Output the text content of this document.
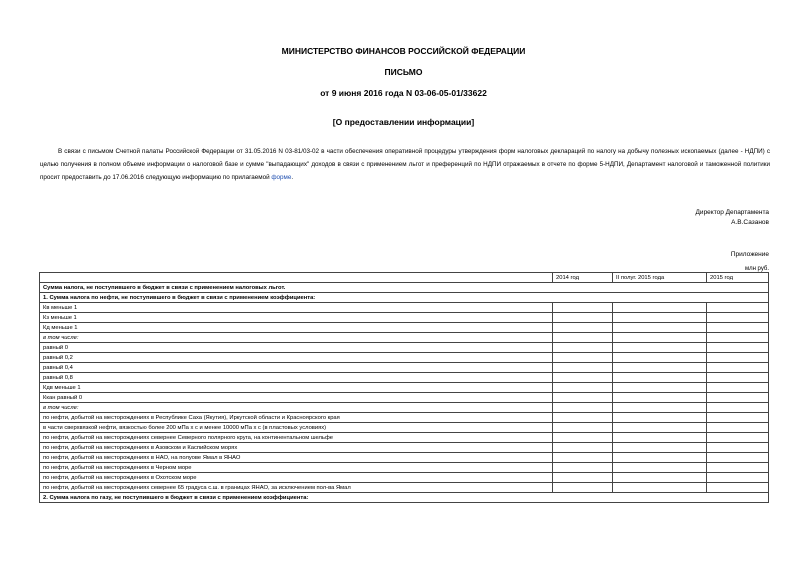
МИНИСТЕРСТВО ФИНАНСОВ РОССИЙСКОЙ ФЕДЕРАЦИИ
ПИСЬМО
от 9 июня 2016 года N 03-06-05-01/33622
[О предоставлении информации]
В связи с письмом Счетной палаты Российской Федерации от 31.05.2016 N 03-81/03-02 в части обеспечения оперативной процедуры утверждения форм налоговых деклараций по налогу на добычу полезных ископаемых (далее - НДПИ) с целью получения в полном объеме информации о налоговой базе и сумме "выпадающих" доходов в связи с применением льгот и преференций по НДПИ отражаемых в отчете по форме 5-НДПИ, Департамент налоговой и таможенной политики просит предоставить до 17.06.2016 следующую информацию по прилагаемой форме.
Директор Департамента
А.В.Сазанов
Приложение
млн руб.
	2014 год	II полуг. 2015 года	2015 год
Сумма налога, не поступившего в бюджет в связи с применением налоговых льгот.			
1. Сумма налога по нефти, не поступившего в бюджет в связи с применением коэффициента:			
Кв меньше 1			
Кз меньше 1			
Кд меньше 1			
в том числе:			
равный 0			
равный 0,2			
равный 0,4			
равный 0,8			
Кдв меньше 1			
Ккан равный 0			
в том числе:			
по нефти, добытой на месторождениях в Республике Саха (Якутия), Иркутской области и Красноярского края			
в части сверхвязкой нефти, вязкостью более 200 мПа х с и менее 10000 мПа х с (в пластовых условиях)			
по нефти, добытой на месторождениях севернее Северного полярного круга, на континентальном шельфе			
по нефти, добытой на месторождениях в Азовском и Каспийском морях			
по нефти, добытой на месторождениях в НАО, на полуове Ямал в ЯНАО			
по нефти, добытой на месторождениях в Черном море			
по нефти, добытой на месторождениях в Охотском море			
по нефти, добытой на месторождениях севернее 65 градуса с.ш. в границах ЯНАО, за исключением пол-ва Ямал			
2. Сумма налога по газу, не поступившего в бюджет в связи с применением коэффициента:			
